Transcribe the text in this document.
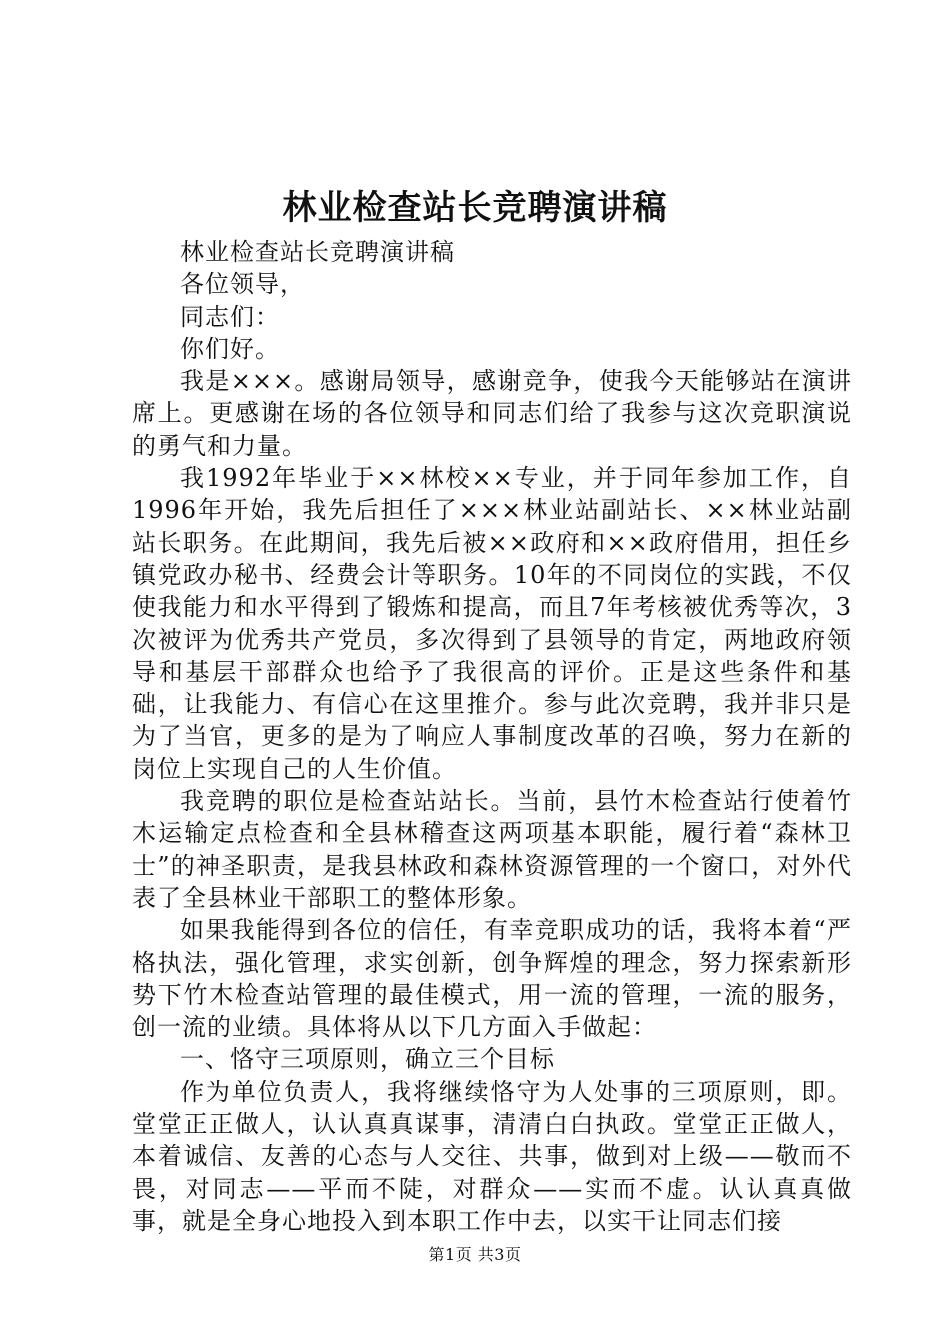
林业检查站长竞聘演讲稿

林业检查站长竞聘演讲稿

各位领导，

同志们：

你们好。

我是×××。感谢局领导，感谢竞争，使我今天能够站在演讲席上。更感谢在场的各位领导和同志们给了我参与这次竞职演说的勇气和力量。

我1992年毕业于××林校××专业，并于同年参加工作，自1996年开始，我先后担任了×××林业站副站长、××林业站副站长职务。在此期间，我先后被××政府和××政府借用，担任乡镇党政办秘书、经费会计等职务。10年的不同岗位的实践，不仅使我能力和水平得到了锻炼和提高，而且7年考核被优秀等次，3次被评为优秀共产党员，多次得到了县领导的肯定，两地政府领导和基层干部群众也给予了我很高的评价。正是这些条件和基础，让我能力、有信心在这里推介。参与此次竞聘，我并非只是为了当官，更多的是为了响应人事制度改革的召唤，努力在新的岗位上实现自己的人生价值。

我竞聘的职位是检查站站长。当前，县竹木检查站行使着竹木运输定点检查和全县林稽查这两项基本职能，履行着“森林卫士”的神圣职责，是我县林政和森林资源管理的一个窗口，对外代表了全县林业干部职工的整体形象。

如果我能得到各位的信任，有幸竞职成功的话，我将本着“严格执法，强化管理，求实创新，创争辉煌的理念，努力探索新形势下竹木检查站管理的最佳模式，用一流的管理，一流的服务，创一流的业绩。具体将从以下几方面入手做起：

一、恪守三项原则，确立三个目标

作为单位负责人，我将继续恪守为人处事的三项原则，即。堂堂正正做人，认认真真谋事，清清白白执政。堂堂正正做人，本着诚信、友善的心态与人交往、共事，做到对上级——敬而不畏，对同志——平而不陡，对群众——实而不虚。认认真真做事，就是全身心地投入到本职工作中去，以实干让同志们接

第1页 共3页
